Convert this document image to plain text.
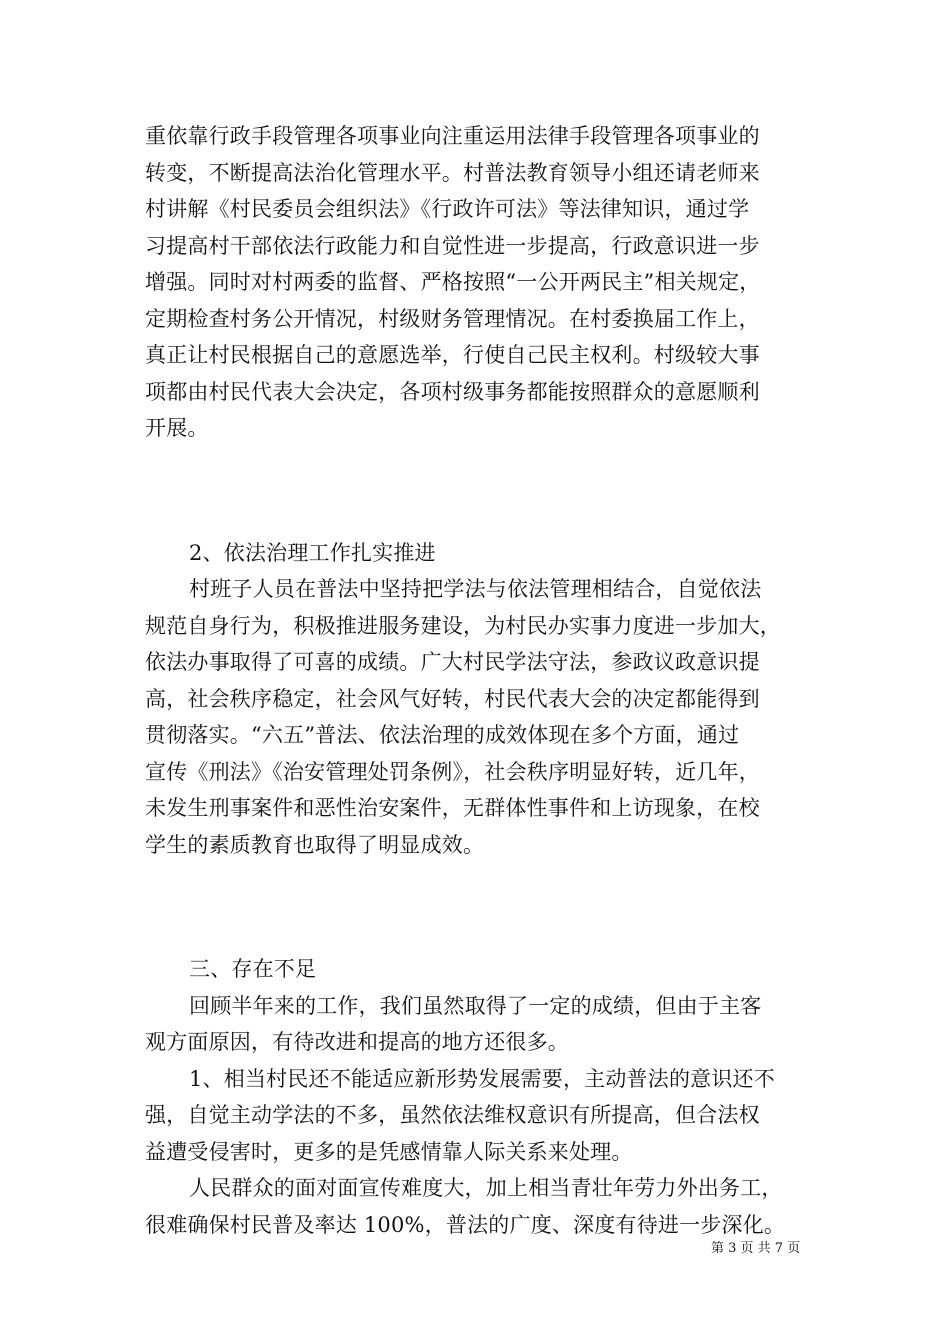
重依靠行政手段管理各项事业向注重运用法律手段管理各项事业的
转变，不断提高法治化管理水平。村普法教育领导小组还请老师来
村讲解《村民委员会组织法》《行政许可法》等法律知识，通过学
习提高村干部依法行政能力和自觉性进一步提高，行政意识进一步
增强。同时对村两委的监督、严格按照“一公开两民主”相关规定，
定期检查村务公开情况，村级财务管理情况。在村委换届工作上，
真正让村民根据自己的意愿选举，行使自己民主权利。村级较大事
项都由村民代表大会决定，各项村级事务都能按照群众的意愿顺利
开展。
2、依法治理工作扎实推进
村班子人员在普法中坚持把学法与依法管理相结合，自觉依法
规范自身行为，积极推进服务建设，为村民办实事力度进一步加大，
依法办事取得了可喜的成绩。广大村民学法守法，参政议政意识提
高，社会秩序稳定，社会风气好转，村民代表大会的决定都能得到
贯彻落实。“六五”普法、依法治理的成效体现在多个方面，通过
宣传《刑法》《治安管理处罚条例》，社会秩序明显好转，近几年，
未发生刑事案件和恶性治安案件，无群体性事件和上访现象，在校
学生的素质教育也取得了明显成效。
三、存在不足
回顾半年来的工作，我们虽然取得了一定的成绩，但由于主客
观方面原因，有待改进和提高的地方还很多。
1、相当村民还不能适应新形势发展需要，主动普法的意识还不
强，自觉主动学法的不多，虽然依法维权意识有所提高，但合法权
益遭受侵害时，更多的是凭感情靠人际关系来处理。
人民群众的面对面宣传难度大，加上相当青壮年劳力外出务工，
很难确保村民普及率达 100%，普法的广度、深度有待进一步深化。
第 3 页 共 7 页
